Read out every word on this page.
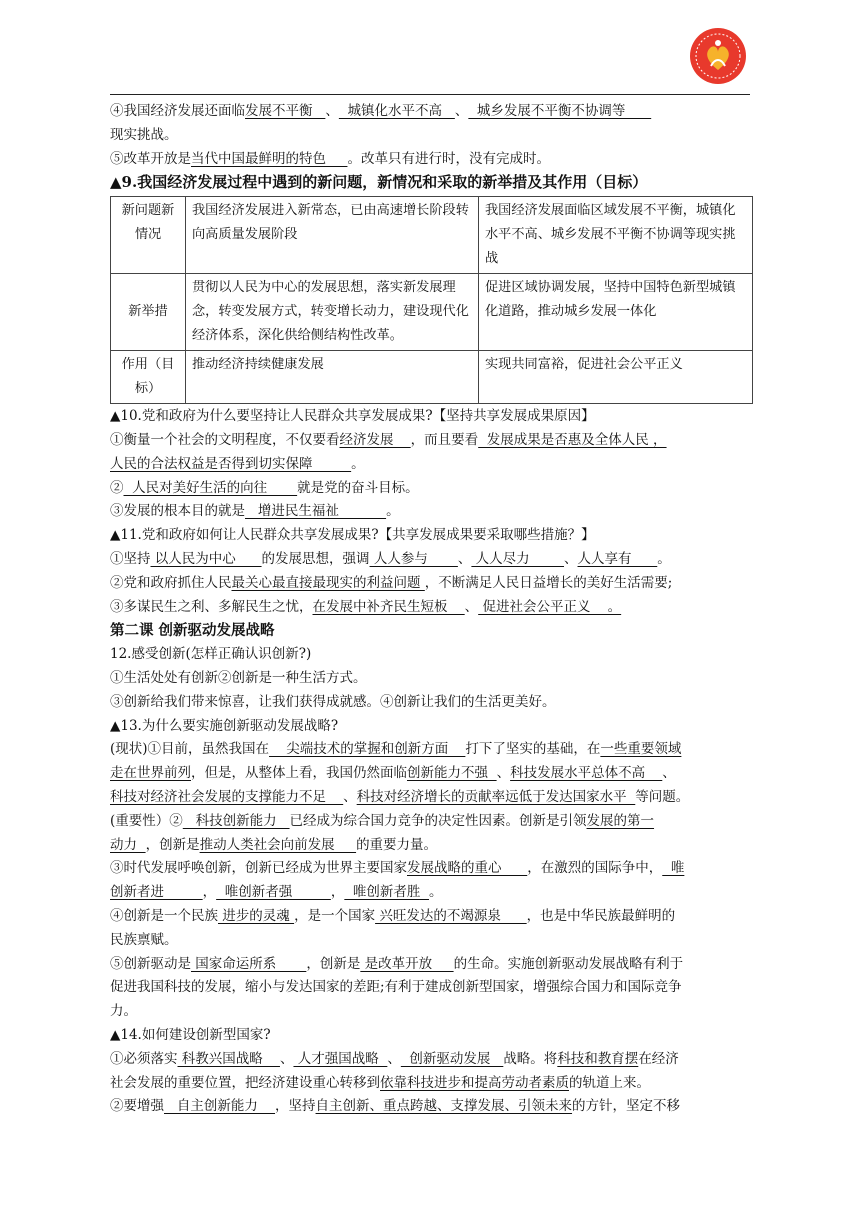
④我国经济发展还面临发展不平衡   、  城镇化水平不高   、  城乡发展不平衡不协调等
现实挑战。
⑤改革开放是当代中国最鲜明的特色     。改革只有进行时，没有完成时。
▲9.我国经济发展过程中遇到的新问题，新情况和采取的新举措及其作用（目标）
新问题新情况	我国经济发展进入新常态，已由高速增长阶段转向高质量发展阶段	我国经济发展面临区域发展不平衡，城镇化水平不高、城乡发展不平衡不协调等现实挑战
新举措	贯彻以人民为中心的发展思想，落实新发展理念，转变发展方式，转变增长动力，建设现代化经济体系，深化供给侧结构性改革。	促进区域协调发展，坚持中国特色新型城镇化道路，推动城乡发展一体化
作用（目标）	推动经济持续健康发展	实现共同富裕，促进社会公平正义
▲10.党和政府为什么要坚持让人民群众共享发展成果?【坚持共享发展成果原因】
①衡量一个社会的文明程度，不仅要看经济发展    ，而且要看  发展成果是否惠及全体人民 ，
人民的合法权益是否得到切实保障         。
②  人民对美好生活的向往       就是党的奋斗目标。
③发展的根本目的就是   增进民生福祉           。
▲11.党和政府如何让人民群众共享发展成果?【共享发展成果要采取哪些措施？】
①坚持 以人民为中心      的发展思想，强调 人人参与       、 人人尽力        、人人享有      。
②党和政府抓住人民最关心最直接最现实的利益问题 ，不断满足人民日益增长的美好生活需要;
③多谋民生之利、多解民生之忧，在发展中补齐民生短板    、 促进社会公平正义    。
第二课 创新驱动发展战略
12.感受创新(怎样正确认识创新?)
①生活处处有创新②创新是一种生活方式。
③创新给我们带来惊喜，让我们获得成就感。④创新让我们的生活更美好。
▲13.为什么要实施创新驱动发展战略?
(现状)①目前，虽然我国在    尖端技术的掌握和创新方面    打下了坚实的基础，在一些重要领域
走在世界前列，但是，从整体上看，我国仍然面临创新能力不强  、科技发展水平总体不高    、
科技对经济社会发展的支撑能力不足    、科技对经济增长的贡献率远低于发达国家水平  等问题。
(重要性）②   科技创新能力   已经成为综合国力竞争的决定性因素。创新是引领发展的第一
动力  ，创新是推动人类社会向前发展     的重要力量。
③时代发展呼唤创新，创新已经成为世界主要国家发展战略的重心      ，在激烈的国际争中，  唯
创新者进         ，  唯创新者强         ，  唯创新者胜  。
④创新是一个民族 进步的灵魂 ，是一个国家 兴旺发达的不竭源泉      ，也是中华民族最鲜明的
民族禀赋。
⑤创新驱动是 国家命运所系       ，创新是 是改革开放     的生命。实施创新驱动发展战略有利于
促进我国科技的发展，缩小与发达国家的差距;有利于建成创新型国家，增强综合国力和国际竞争
力。
▲14.如何建设创新型国家?
①必须落实 科教兴国战略    、 人才强国战略  、  创新驱动发展   战略。将科技和教育摆在经济
社会发展的重要位置，把经济建设重心转移到依靠科技进步和提高劳动者素质的轨道上来。
②要增强   自主创新能力    ，坚持自主创新、重点跨越、支撑发展、引领未来的方针，坚定不移
